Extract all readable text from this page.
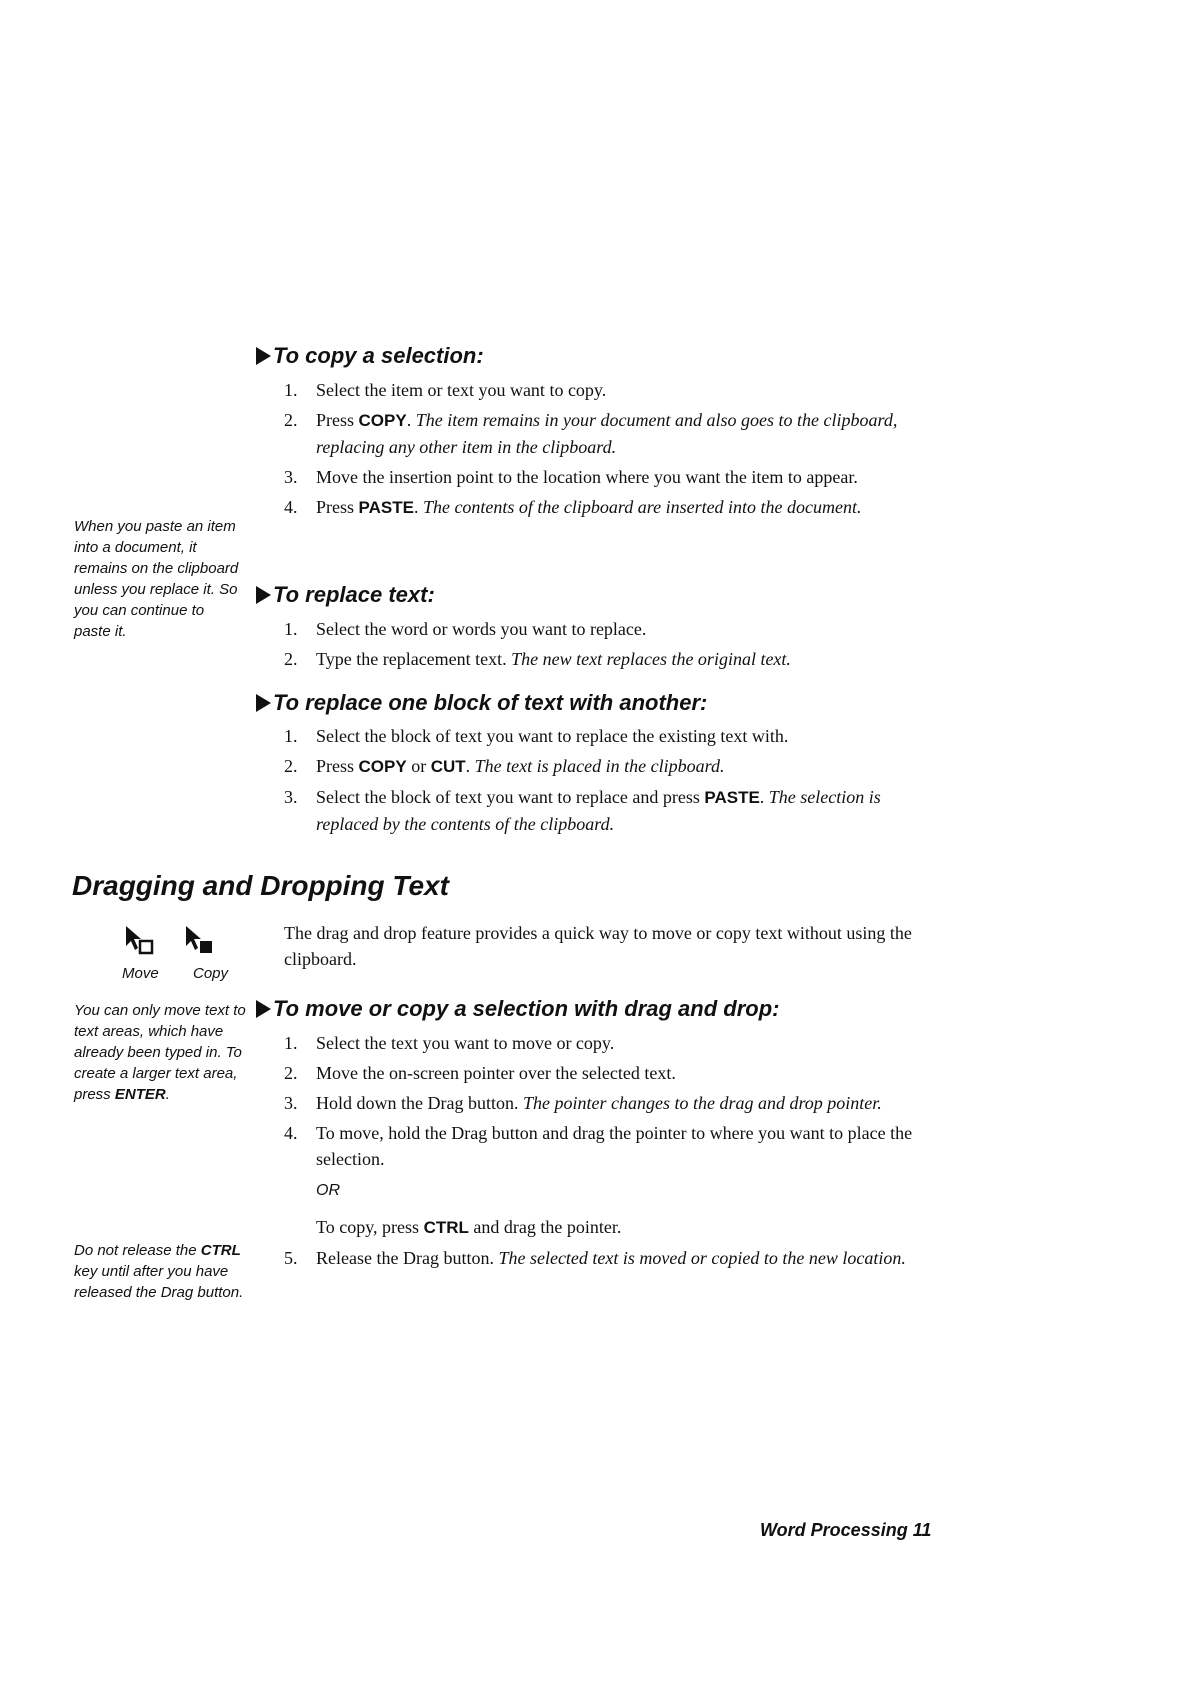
To copy a selection:
1. Select the item or text you want to copy.
2. Press COPY. The item remains in your document and also goes to the clipboard, replacing any other item in the clipboard.
3. Move the insertion point to the location where you want the item to appear.
4. Press PASTE. The contents of the clipboard are inserted into the document.
When you paste an item into a document, it remains on the clipboard unless you replace it. So you can continue to paste it.
To replace text:
1. Select the word or words you want to replace.
2. Type the replacement text. The new text replaces the original text.
To replace one block of text with another:
1. Select the block of text you want to replace the existing text with.
2. Press COPY or CUT. The text is placed in the clipboard.
3. Select the block of text you want to replace and press PASTE. The selection is replaced by the contents of the clipboard.
Dragging and Dropping Text
Move Copy
The drag and drop feature provides a quick way to move or copy text without using the clipboard.
You can only move text to text areas, which have already been typed in. To create a larger text area, press ENTER.
To move or copy a selection with drag and drop:
1. Select the text you want to move or copy.
2. Move the on-screen pointer over the selected text.
3. Hold down the Drag button. The pointer changes to the drag and drop pointer.
4. To move, hold the Drag button and drag the pointer to where you want to place the selection.
OR
To copy, press CTRL and drag the pointer.
5. Release the Drag button. The selected text is moved or copied to the new location.
Do not release the CTRL key until after you have released the Drag button.
Word Processing 11
